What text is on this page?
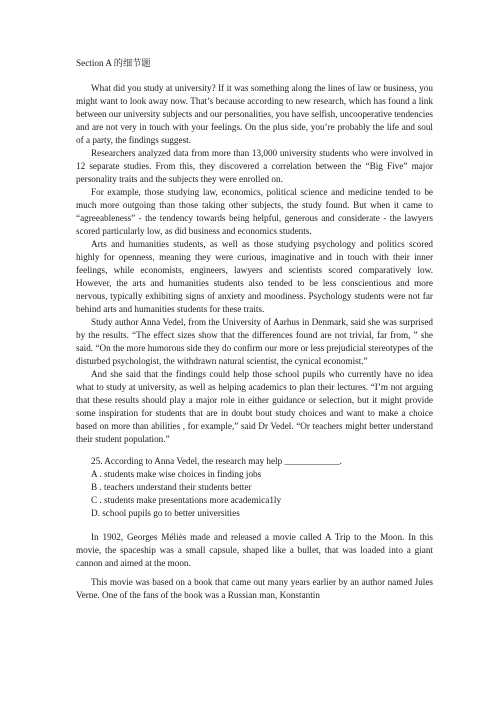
Section A 的细节题

What did you study at university? If it was something along the lines of law or business, you might want to look away now. That’s because according to new research, which has found a link between our university subjects and our personalities, you have selfish, uncooperative tendencies and are not very in touch with your feelings. On the plus side, you’re probably the life and soul of a party, the findings suggest.

Researchers analyzed data from more than 13,000 university students who were involved in 12 separate studies. From this, they discovered a correlation between the “Big Five” major personality traits and the subjects they were enrolled on.

For example, those studying law, economics, political science and medicine tended to be much more outgoing than those taking other subjects, the study found. But when it came to “agreeableness” - the tendency towards being helpful, generous and considerate - the lawyers scored particularly low, as did business and economics students.

Arts and humanities students, as well as those studying psychology and politics scored highly for openness, meaning they were curious, imaginative and in touch with their inner feelings, while economists, engineers, lawyers and scientists scored comparatively low. However, the arts and humanities students also tended to be less conscientious and more nervous, typically exhibiting signs of anxiety and moodiness. Psychology students were not far behind arts and humanities students for these traits.

Study author Anna Vedel, from the University of Aarhus in Denmark, said she was surprised by the results. “The effect sizes show that the differences found are not trivial, far from, ” she said. “On the more humorous side they do confirm our more or less prejudicial stereotypes of the disturbed psychologist, the withdrawn natural scientist, the cynical economist.”

And she said that the findings could help those school pupils who currently have no idea what to study at university, as well as helping academics to plan their lectures. “I’m not arguing that these results should play a major role in either guidance or selection, but it might provide some inspiration for students that are in doubt bout study choices and want to make a choice based on more than abilities , for example,” said Dr Vedel. “Or teachers might better understand their student population.”

25. According to Anna Vedel, the research may help ____________.
A . students make wise choices in finding jobs
B . teachers understand their students better
C . students make presentations more academica1ly
D. school pupils go to better universities

In 1902, Georges Méliès made and released a movie called A Trip to the Moon. In this movie, the spaceship was a small capsule, shaped like a bullet, that was loaded into a giant cannon and aimed at the moon.

This movie was based on a book that came out many years earlier by an author named Jules Verne. One of the fans of the book was a Russian man, Konstantin
